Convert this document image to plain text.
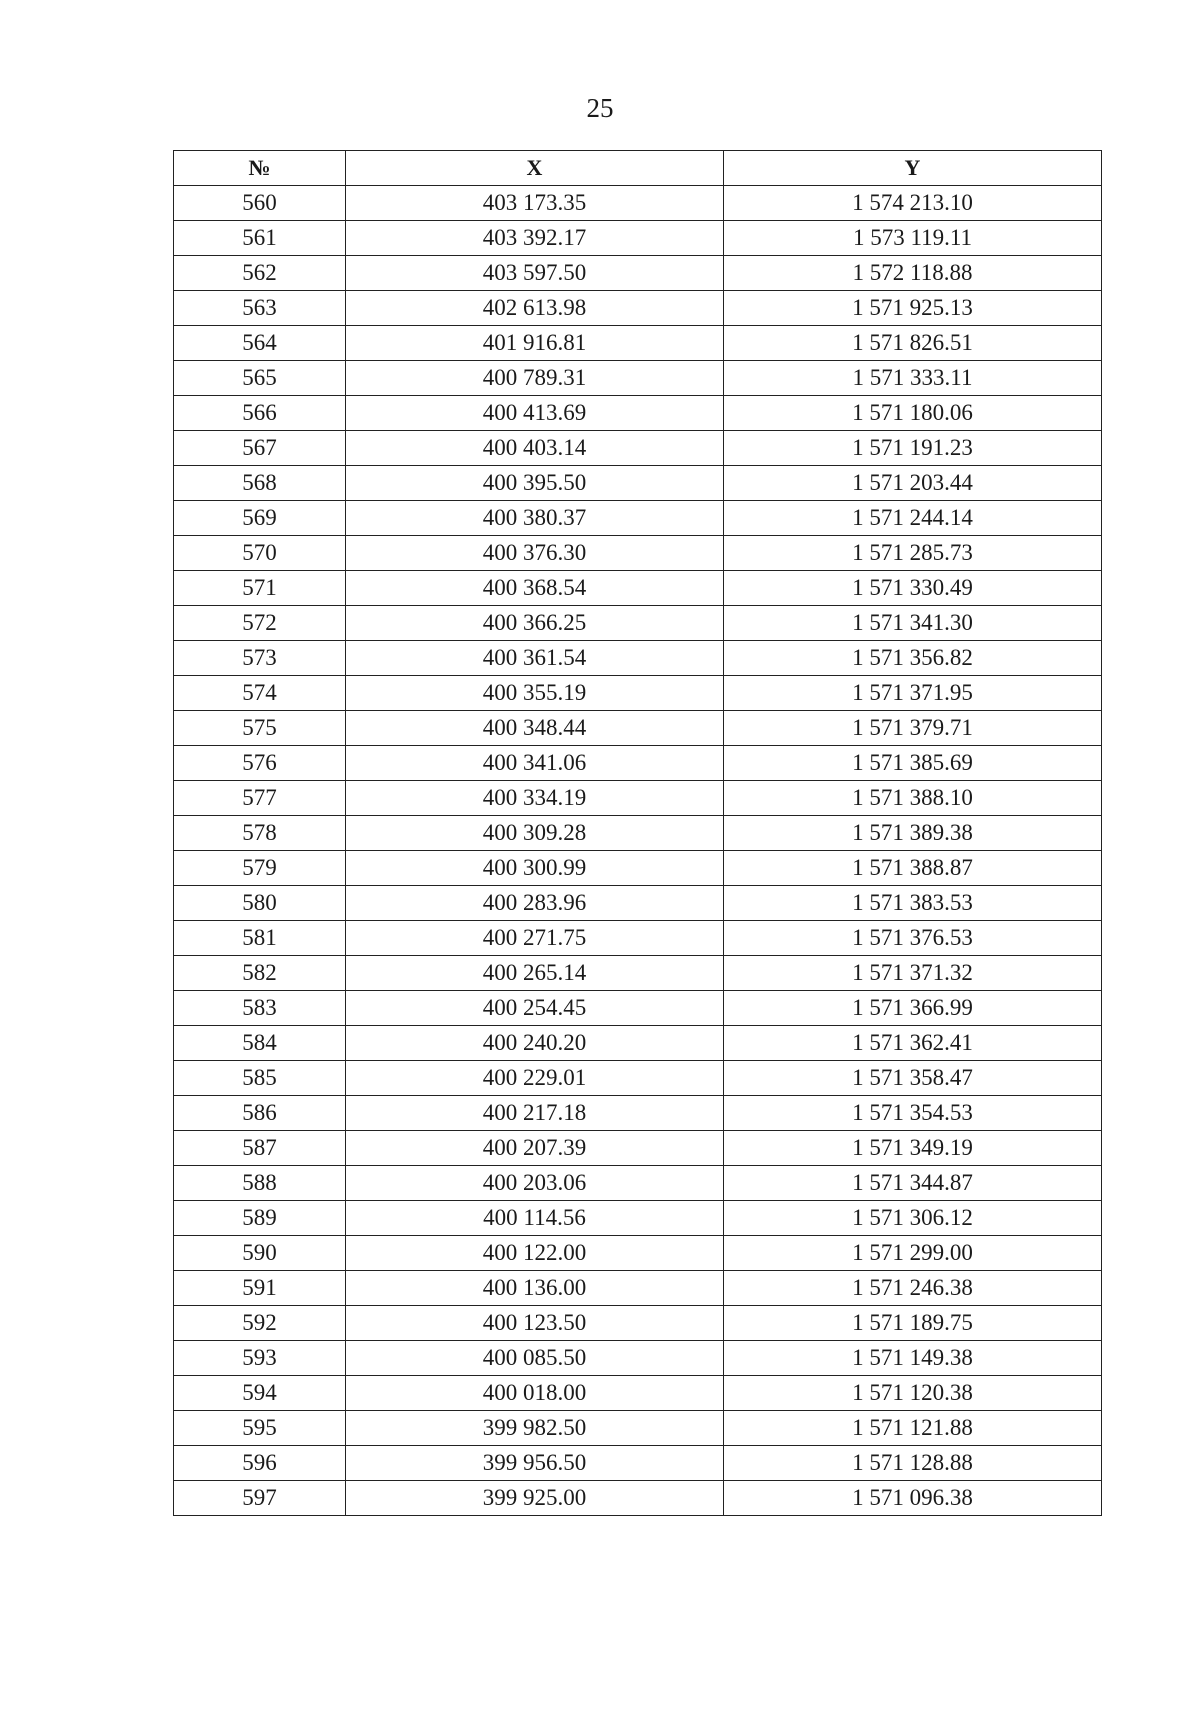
25
№	X	Y
560	403 173.35	1 574 213.10
561	403 392.17	1 573 119.11
562	403 597.50	1 572 118.88
563	402 613.98	1 571 925.13
564	401 916.81	1 571 826.51
565	400 789.31	1 571 333.11
566	400 413.69	1 571 180.06
567	400 403.14	1 571 191.23
568	400 395.50	1 571 203.44
569	400 380.37	1 571 244.14
570	400 376.30	1 571 285.73
571	400 368.54	1 571 330.49
572	400 366.25	1 571 341.30
573	400 361.54	1 571 356.82
574	400 355.19	1 571 371.95
575	400 348.44	1 571 379.71
576	400 341.06	1 571 385.69
577	400 334.19	1 571 388.10
578	400 309.28	1 571 389.38
579	400 300.99	1 571 388.87
580	400 283.96	1 571 383.53
581	400 271.75	1 571 376.53
582	400 265.14	1 571 371.32
583	400 254.45	1 571 366.99
584	400 240.20	1 571 362.41
585	400 229.01	1 571 358.47
586	400 217.18	1 571 354.53
587	400 207.39	1 571 349.19
588	400 203.06	1 571 344.87
589	400 114.56	1 571 306.12
590	400 122.00	1 571 299.00
591	400 136.00	1 571 246.38
592	400 123.50	1 571 189.75
593	400 085.50	1 571 149.38
594	400 018.00	1 571 120.38
595	399 982.50	1 571 121.88
596	399 956.50	1 571 128.88
597	399 925.00	1 571 096.38
